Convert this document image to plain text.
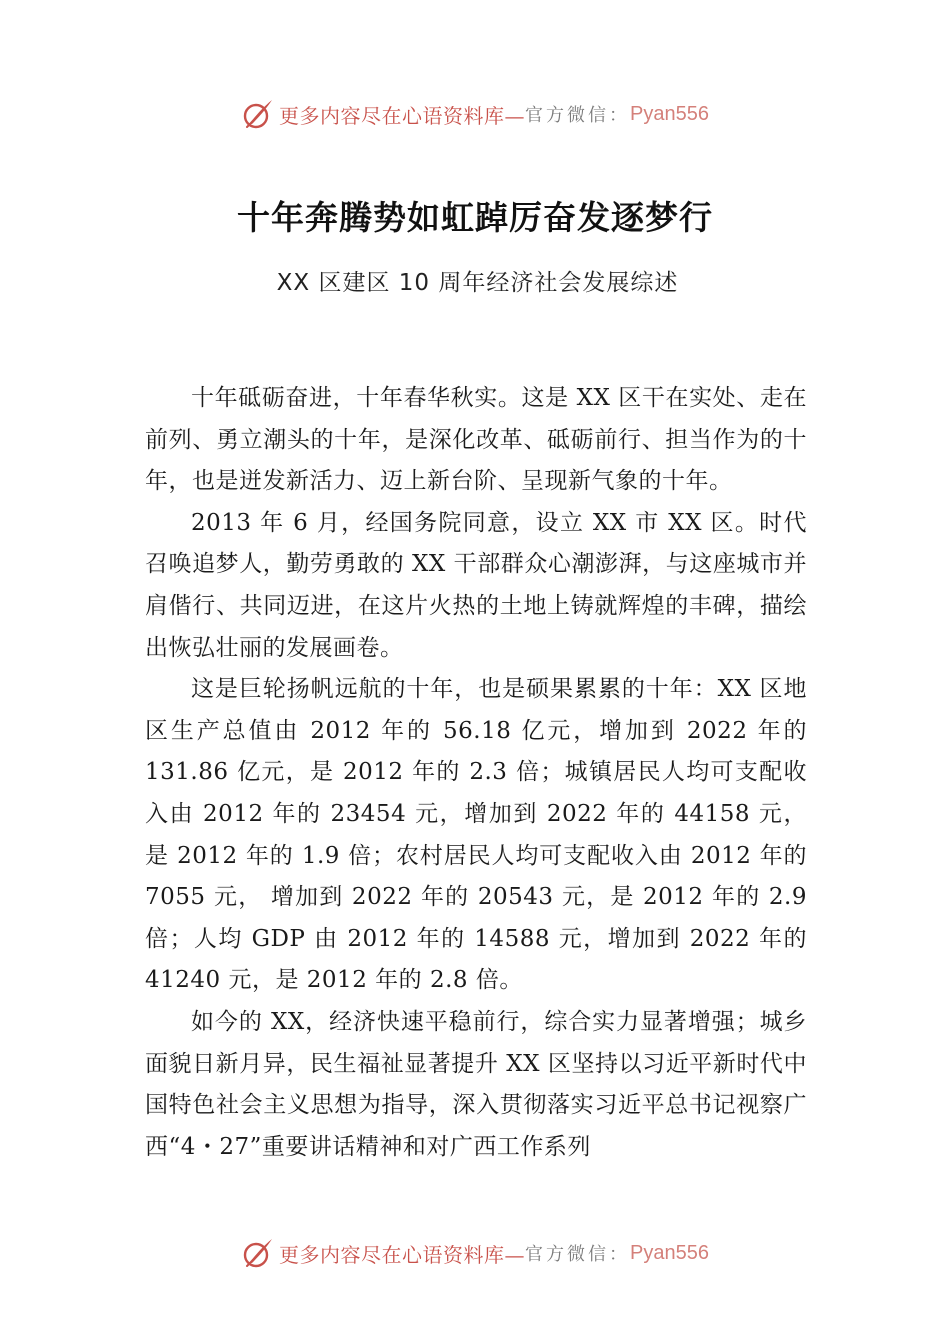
更多内容尽在心语资料库— 官方微信： Pyan556
十年奔腾势如虹踔厉奋发逐梦行
XX 区建区 10 周年经济社会发展综述

十年砥砺奋进，十年春华秋实。这是 XX 区干在实处、走在前列、勇立潮头的十年，是深化改革、砥砺前行、担当作为的十年，也是迸发新活力、迈上新台阶、呈现新气象的十年。

2013 年 6 月，经国务院同意，设立 XX 市 XX 区。时代召唤追梦人，勤劳勇敢的 XX 干部群众心潮澎湃，与这座城市并肩偕行、共同迈进，在这片火热的土地上铸就辉煌的丰碑，描绘出恢弘壮丽的发展画卷。

这是巨轮扬帆远航的十年，也是硕果累累的十年：XX 区地区生产总值由 2012 年的 56.18 亿元，增加到 2022 年的 131.86 亿元，是 2012 年的 2.3 倍；城镇居民人均可支配收入由 2012 年的 23454 元，增加到 2022 年的 44158 元，是 2012 年的 1.9 倍；农村居民人均可支配收入由 2012 年的 7055 元， 增加到 2022 年的 20543 元，是 2012 年的 2.9 倍；人均 GDP 由 2012 年的 14588 元，增加到 2022 年的 41240 元，是 2012 年的 2.8 倍。

如今的 XX，经济快速平稳前行，综合实力显著增强；城乡面貌日新月异，民生福祉显著提升 XX 区坚持以习近平新时代中国特色社会主义思想为指导，深入贯彻落实习近平总书记视察广西“4・27”重要讲话精神和对广西工作系列

更多内容尽在心语资料库— 官方微信： Pyan556
